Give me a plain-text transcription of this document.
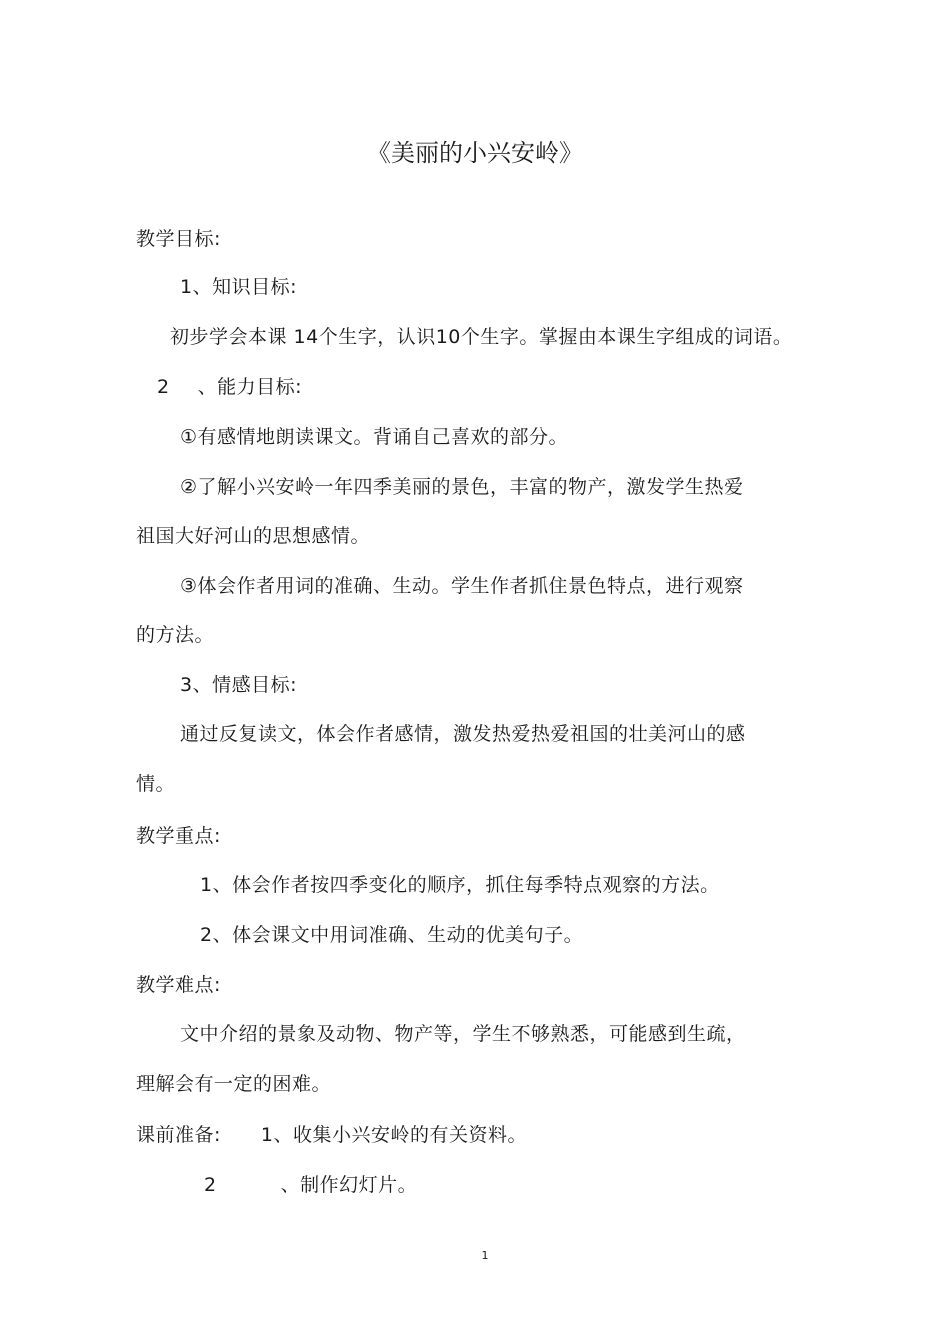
《美丽的小兴安岭》
教学目标:
1、知识目标:
初步学会本课 14个生字，认识10个生字。掌握由本课生字组成的词语。
2 、能力目标:
①有感情地朗读课文。背诵自己喜欢的部分。
②了解小兴安岭一年四季美丽的景色，丰富的物产，激发学生热爱
祖国大好河山的思想感情。
③体会作者用词的准确、生动。学生作者抓住景色特点，进行观察
的方法。
3、情感目标:
通过反复读文，体会作者感情，激发热爱热爱祖国的壮美河山的感
情。
教学重点:
1、体会作者按四季变化的顺序，抓住每季特点观察的方法。
2、体会课文中用词准确、生动的优美句子。
教学难点:
文中介绍的景象及动物、物产等，学生不够熟悉，可能感到生疏，
理解会有一定的困难。
课前准备: 1、收集小兴安岭的有关资料。
2	、制作幻灯片。
1
